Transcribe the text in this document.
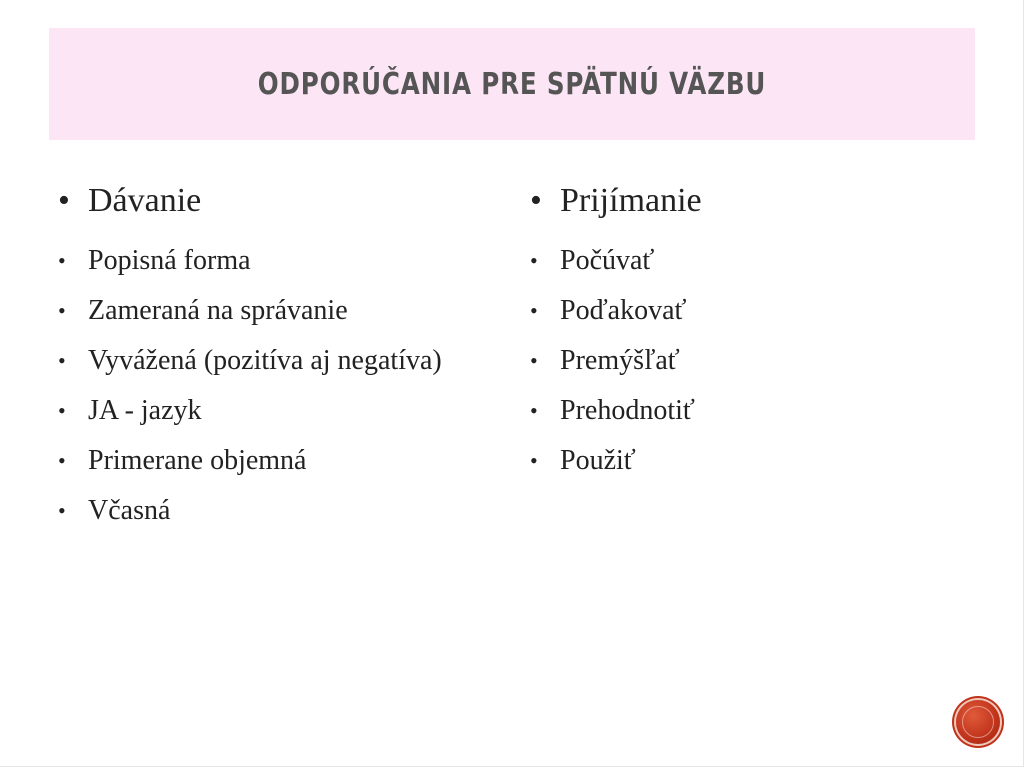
ODPORÚČANIA PRE SPÄTNÚ VÄZBU
• Dávanie
• Popisná forma
• Zameraná na správanie
• Vyvážená (pozitíva aj negatíva)
• JA - jazyk
• Primerane objemná
• Včasná
• Prijímanie
• Počúvať
• Poďakovať
• Premýšľať
• Prehodnotiť
• Použiť
